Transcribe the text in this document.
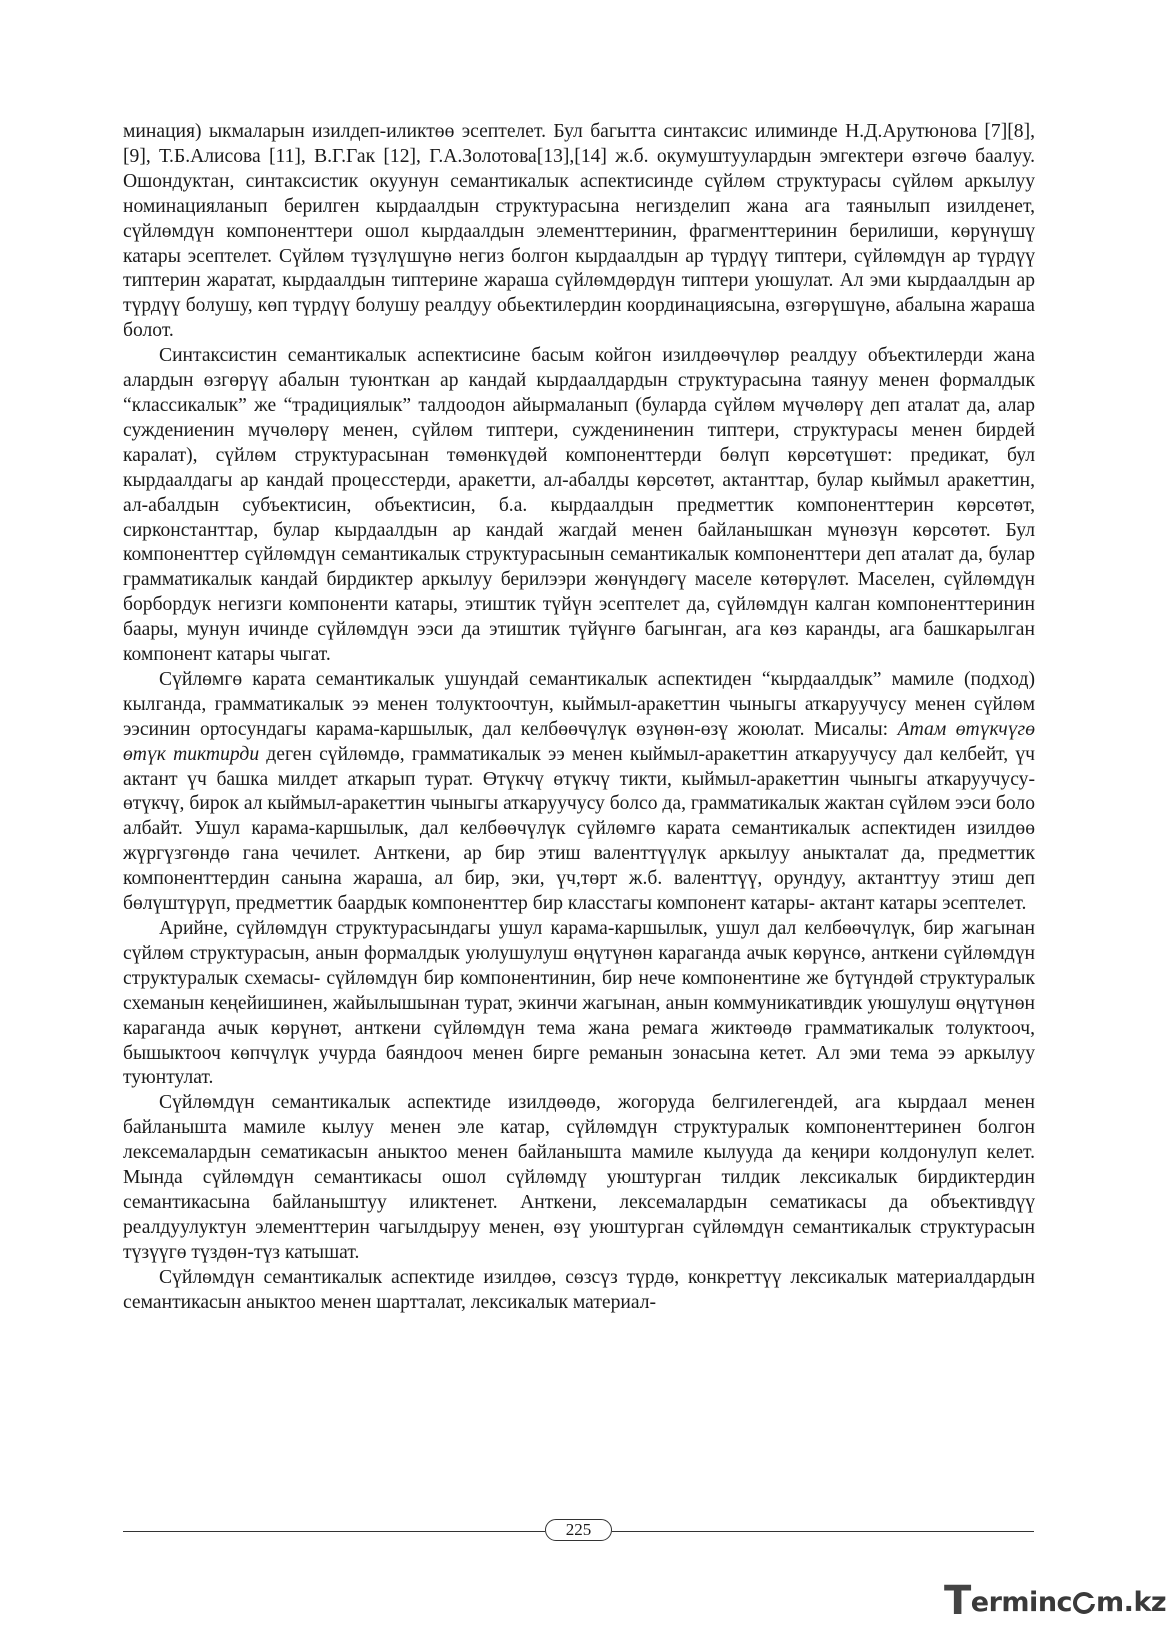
минация) ыкмаларын изилдеп-иликтөө эсептелет. Бул багытта синтаксис илиминде Н.Д.Арутюнова [7][8],[9], Т.Б.Алисова [11], В.Г.Гак [12], Г.А.Золотова[13],[14] ж.б. окумуштуулардын эмгектери өзгөчө баалуу. Ошондуктан, синтаксистик окуунун семантикалык аспектисинде сүйлөм структурасы сүйлөм аркылуу номинацияланып берилген кырдаалдын структурасына негизделип жана ага таянылып изилденет, сүйлөмдүн компоненттери ошол кырдаалдын элементтеринин, фрагменттеринин берилиши, көрүнүшү катары эсептелет. Сүйлөм түзүлүшүнө негиз болгон кырдаалдын ар түрдүү типтери, сүйлөмдүн ар түрдүү типтерин жаратат, кырдаалдын типтерине жараша сүйлөмдөрдүн типтери уюшулат. Ал эми кырдаалдын ар түрдүү болушу, көп түрдүү болушу реалдуу обьектилердин координациясына, өзгөрүшүнө, абалына жараша болот.

Синтаксистин семантикалык аспектисине басым койгон изилдөөчүлөр реалдуу объектилерди жана алардын өзгөрүү абалын туюнткан ар кандай кырдаалдардын структурасына таянуу менен формалдык “классикалык” же “традициялык” талдоодон айырмаланып (буларда сүйлөм мүчөлөрү деп аталат да, алар суждениенин мүчөлөрү менен, сүйлөм типтери, суждениненин типтери, структурасы менен бирдей каралат), сүйлөм структурасынан төмөнкүдөй компоненттерди бөлүп көрсөтүшөт: предикат, бул кырдаалдагы ар кандай процесстерди, аракетти, ал-абалды көрсөтөт, актанттар, булар кыймыл аракеттин, ал-абалдын субъектисин, объектисин, б.а. кырдаалдын предметтик компоненттерин көрсөтөт, сирконстанттар, булар кырдаалдын ар кандай жагдай менен байланышкан мүнөзүн көрсөтөт. Бул компоненттер сүйлөмдүн семантикалык структурасынын семантикалык компоненттери деп аталат да, булар грамматикалык кандай бирдиктер аркылуу берилээри жөнүндөгү маселе көтөрүлөт. Маселен, сүйлөмдүн борбордук негизги компоненти катары, этиштик түйүн эсептелет да, сүйлөмдүн калган компоненттеринин баары, мунун ичинде сүйлөмдүн ээси да этиштик түйүнгө багынган, ага көз каранды, ага башкарылган компонент катары чыгат.

Сүйлөмгө карата семантикалык ушундай семантикалык аспектиден “кырдаалдык” мамиле (подход) кылганда, грамматикалык ээ менен толуктоочтун, кыймыл-аракеттин чыныгы аткаруучусу менен сүйлөм ээсинин ортосундагы карама-каршылык, дал келбөөчүлүк өзүнөн-өзү жоюлат. Мисалы: Атам өтүкчүгө өтүк тиктирди деген сүйлөмдө, грамматикалык ээ менен кыймыл-аракеттин аткаруучусу дал келбейт, үч актант үч башка милдет аткарып турат. Өтүкчү өтүкчү тикти, кыймыл-аракеттин чыныгы аткаруучусу- өтүкчү, бирок ал кыймыл-аракеттин чыныгы аткаруучусу болсо да, грамматикалык жактан сүйлөм ээси боло албайт. Ушул карама-каршылык, дал келбөөчүлүк сүйлөмгө карата семантикалык аспектиден изилдөө жүргүзгөндө гана чечилет. Анткени, ар бир этиш валенттүүлүк аркылуу аныкталат да, предметтик компоненттердин санына жараша, ал бир, эки, үч,төрт ж.б. валенттүү, орундуу, актанттуу этиш деп бөлүштүрүп, предметтик баардык компоненттер бир класстагы компонент катары- актант катары эсептелет.

Арийне, сүйлөмдүн структурасындагы ушул карама-каршылык, ушул дал келбөөчүлүк, бир жагынан сүйлөм структурасын, анын формалдык уюлушулуш өңүтүнөн караганда ачык көрүнсө, анткени сүйлөмдүн структуралык схемасы- сүйлөмдүн бир компонентинин, бир нече компонентине же бүтүндөй структуралык схеманын кеңейишинен, жайылышынан турат, экинчи жагынан, анын коммуникативдик уюшулуш өңүтүнөн караганда ачык көрүнөт, анткени сүйлөмдүн тема жана ремага жиктөөдө грамматикалык толуктооч, бышыктооч көпчүлүк учурда баяндооч менен бирге реманын зонасына кетет. Ал эми тема ээ аркылуу туюнтулат.

Сүйлөмдүн семантикалык аспектиде изилдөөдө, жогоруда белгилегендей, ага кырдаал менен байланышта мамиле кылуу менен эле катар, сүйлөмдүн структуралык компоненттеринен болгон лексемалардын сематикасын аныктоо менен байланышта мамиле кылууда да кеңири колдонулуп келет. Мында сүйлөмдүн семантикасы ошол сүйлөмдү уюштурган тилдик лексикалык бирдиктердин семантикасына байланыштуу иликтенет. Анткени, лексемалардын сематикасы да объективдүү реалдуулуктун элементтерин чагылдыруу менен, өзү уюштурган сүйлөмдүн семантикалык структурасын түзүүгө түздөн-түз катышат.

Сүйлөмдүн семантикалык аспектиде изилдөө, сөзсүз түрдө, конкреттүү лексикалык материалдардын семантикасын аныктоо менен шартталат, лексикалык материал-

225
Terminc m.kz
